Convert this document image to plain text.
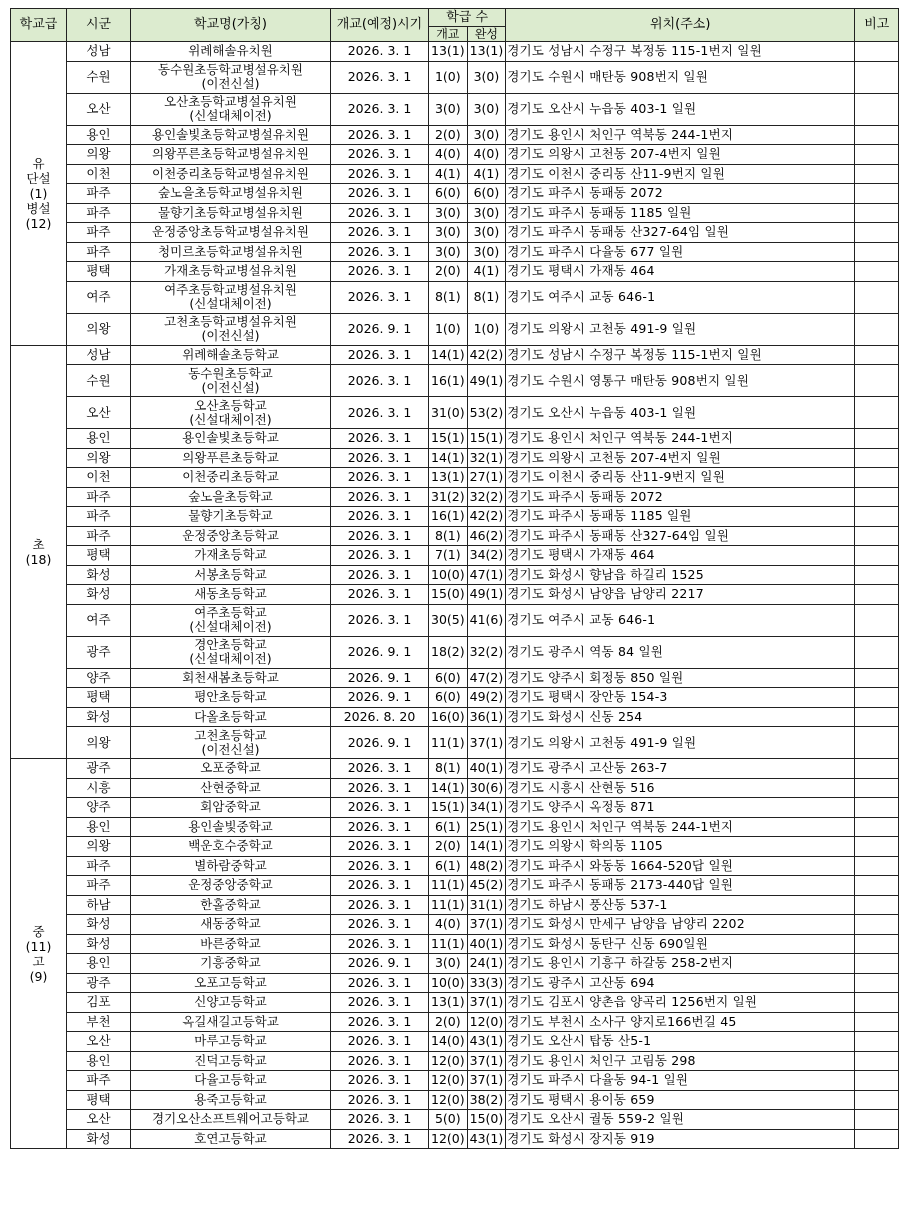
학교급	시군	학교명(가칭)	개교(예정)시기	학급 수		위치(주소)	비고
				개교	완성		

유
단설
(1)
병설
(12)	성남	위례해솔유치원	2026. 3. 1	13(1)	13(1)	경기도 성남시 수정구 복정동 115-1번지 일원	
	수원	동수원초등학교병설유치원
(이전신설)	2026. 3. 1	1(0)	3(0)	경기도 수원시 매탄동 908번지 일원	
	오산	오산초등학교병설유치원
(신설대체이전)	2026. 3. 1	3(0)	3(0)	경기도 오산시 누읍동 403-1 일원	
	용인	용인솔빛초등학교병설유치원	2026. 3. 1	2(0)	3(0)	경기도 용인시 처인구 역북동 244-1번지	
	의왕	의왕푸른초등학교병설유치원	2026. 3. 1	4(0)	4(0)	경기도 의왕시 고천동 207-4번지 일원	
	이천	이천중리초등학교병설유치원	2026. 3. 1	4(1)	4(1)	경기도 이천시 중리동 산11-9번지 일원	
	파주	숲노을초등학교병설유치원	2026. 3. 1	6(0)	6(0)	경기도 파주시 동패동 2072	
	파주	물향기초등학교병설유치원	2026. 3. 1	3(0)	3(0)	경기도 파주시 동패동 1185 일원	
	파주	운정중앙초등학교병설유치원	2026. 3. 1	3(0)	3(0)	경기도 파주시 동패동 산327-64임 일원	
	파주	청미르초등학교병설유치원	2026. 3. 1	3(0)	3(0)	경기도 파주시 다율동 677 일원	
	평택	가재초등학교병설유치원	2026. 3. 1	2(0)	4(1)	경기도 평택시 가재동 464	
	여주	여주초등학교병설유치원
(신설대체이전)	2026. 3. 1	8(1)	8(1)	경기도 여주시 교동 646-1	
	의왕	고천초등학교병설유치원
(이전신설)	2026. 9. 1	1(0)	1(0)	경기도 의왕시 고천동 491-9 일원	

초
(18)	성남	위례해솔초등학교	2026. 3. 1	14(1)	42(2)	경기도 성남시 수정구 복정동 115-1번지 일원	
	수원	동수원초등학교
(이전신설)	2026. 3. 1	16(1)	49(1)	경기도 수원시 영통구 매탄동 908번지 일원	
	오산	오산초등학교
(신설대체이전)	2026. 3. 1	31(0)	53(2)	경기도 오산시 누읍동 403-1 일원	
	용인	용인솔빛초등학교	2026. 3. 1	15(1)	15(1)	경기도 용인시 처인구 역북동 244-1번지	
	의왕	의왕푸른초등학교	2026. 3. 1	14(1)	32(1)	경기도 의왕시 고천동 207-4번지 일원	
	이천	이천중리초등학교	2026. 3. 1	13(1)	27(1)	경기도 이천시 중리동 산11-9번지 일원	
	파주	숲노을초등학교	2026. 3. 1	31(2)	32(2)	경기도 파주시 동패동 2072	
	파주	물향기초등학교	2026. 3. 1	16(1)	42(2)	경기도 파주시 동패동 1185 일원	
	파주	운정중앙초등학교	2026. 3. 1	8(1)	46(2)	경기도 파주시 동패동 산327-64임 일원	
	평택	가재초등학교	2026. 3. 1	7(1)	34(2)	경기도 평택시 가재동 464	
	화성	서봉초등학교	2026. 3. 1	10(0)	47(1)	경기도 화성시 향남읍 하길리 1525	
	화성	새동초등학교	2026. 3. 1	15(0)	49(1)	경기도 화성시 남양읍 남양리 2217	
	여주	여주초등학교
(신설대체이전)	2026. 3. 1	30(5)	41(6)	경기도 여주시 교동 646-1	
	광주	경안초등학교
(신설대체이전)	2026. 9. 1	18(2)	32(2)	경기도 광주시 역동 84 일원	
	양주	회천새봄초등학교	2026. 9. 1	6(0)	47(2)	경기도 양주시 회정동 850 일원	
	평택	평안초등학교	2026. 9. 1	6(0)	49(2)	경기도 평택시 장안동 154-3	
	화성	다올초등학교	2026. 8. 20	16(0)	36(1)	경기도 화성시 신동 254	
	의왕	고천초등학교
(이전신설)	2026. 9. 1	11(1)	37(1)	경기도 의왕시 고천동 491-9 일원	

중
(11)
고
(9)	광주	오포중학교	2026. 3. 1	8(1)	40(1)	경기도 광주시 고산동 263-7	
	시흥	산현중학교	2026. 3. 1	14(1)	30(6)	경기도 시흥시 산현동 516	
	양주	회암중학교	2026. 3. 1	15(1)	34(1)	경기도 양주시 옥정동 871	
	용인	용인솔빛중학교	2026. 3. 1	6(1)	25(1)	경기도 용인시 처인구 역북동 244-1번지	
	의왕	백운호수중학교	2026. 3. 1	2(0)	14(1)	경기도 의왕시 학의동 1105	
	파주	별하람중학교	2026. 3. 1	6(1)	48(2)	경기도 파주시 와동동 1664-520답 일원	
	파주	운정중앙중학교	2026. 3. 1	11(1)	45(2)	경기도 파주시 동패동 2173-440답 일원	
	하남	한홀중학교	2026. 3. 1	11(1)	31(1)	경기도 하남시 풍산동 537-1	
	화성	새동중학교	2026. 3. 1	4(0)	37(1)	경기도 화성시 만세구 남양읍 남양리 2202	
	화성	바른중학교	2026. 3. 1	11(1)	40(1)	경기도 화성시 동탄구 신동 690일원	
	용인	기흥중학교	2026. 9. 1	3(0)	24(1)	경기도 용인시 기흥구 하갈동 258-2번지	
	광주	오포고등학교	2026. 3. 1	10(0)	33(3)	경기도 광주시 고산동 694	
	김포	신양고등학교	2026. 3. 1	13(1)	37(1)	경기도 김포시 양촌읍 양곡리 1256번지 일원	
	부천	옥길새길고등학교	2026. 3. 1	2(0)	12(0)	경기도 부천시 소사구 양지로166번길 45	
	오산	마루고등학교	2026. 3. 1	14(0)	43(1)	경기도 오산시 탑동 산5-1	
	용인	진덕고등학교	2026. 3. 1	12(0)	37(1)	경기도 용인시 처인구 고림동 298	
	파주	다율고등학교	2026. 3. 1	12(0)	37(1)	경기도 파주시 다율동 94-1 일원	
	평택	용죽고등학교	2026. 3. 1	12(0)	38(2)	경기도 평택시 용이동 659	
	오산	경기오산소프트웨어고등학교	2026. 3. 1	5(0)	15(0)	경기도 오산시 궐동 559-2 일원	
	화성	호연고등학교	2026. 3. 1	12(0)	43(1)	경기도 화성시 장지동 919	
